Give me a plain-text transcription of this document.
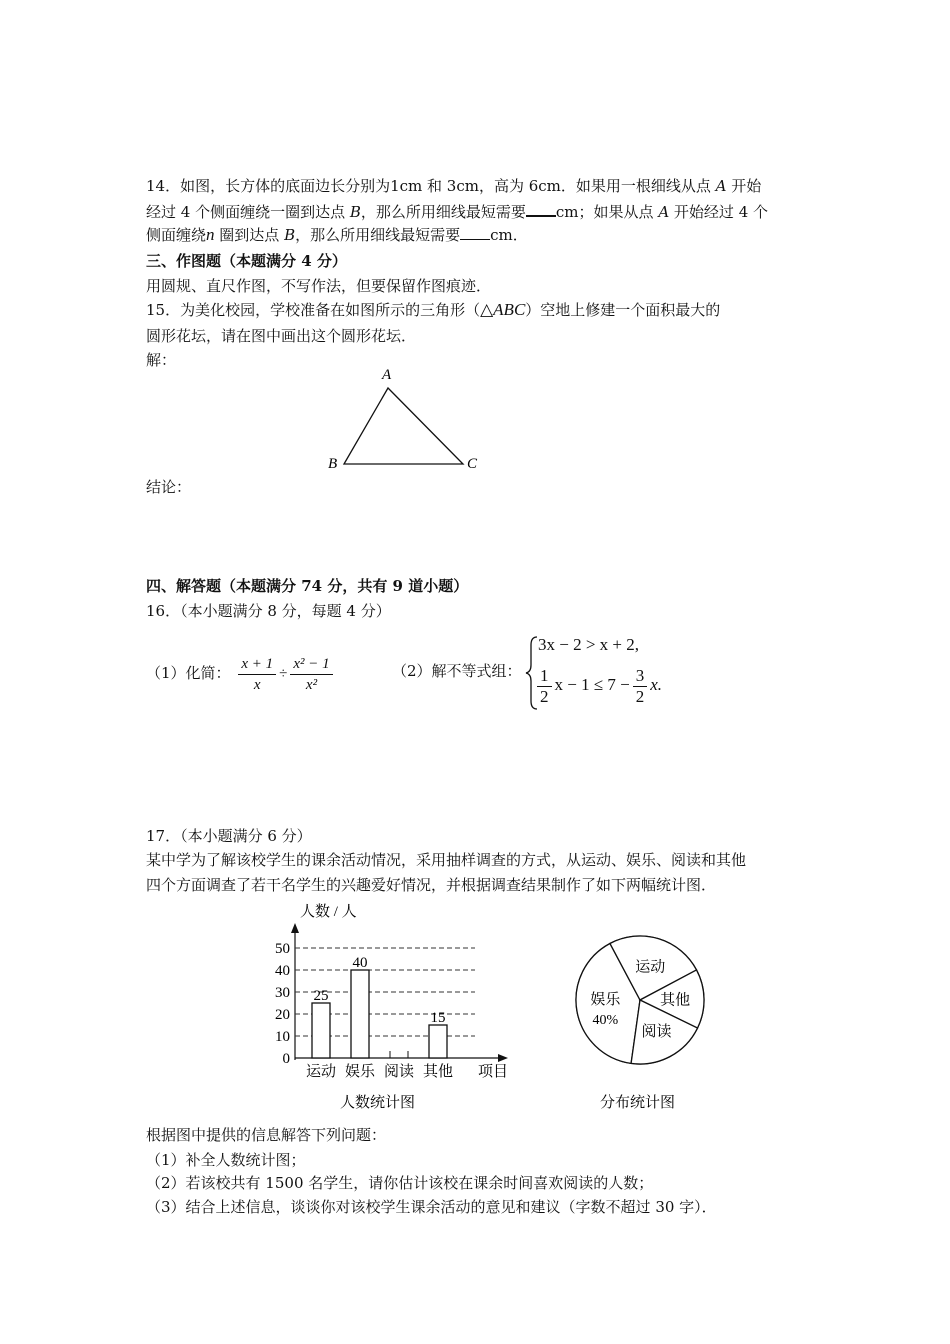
14．如图，长方体的底面边长分别为1cm 和 3cm，高为 6cm．如果用一根细线从点 A 开始
经过 4 个侧面缠绕一圈到达点 B，那么所用细线最短需要 cm；如果从点 A 开始经过 4 个
侧面缠绕n 圈到达点 B，那么所用细线最短需要 cm．
三、作图题（本题满分 4 分）
用圆规、直尺作图，不写作法，但要保留作图痕迹．
15．为美化校园，学校准备在如图所示的三角形（△ABC）空地上修建一个面积最大的
圆形花坛，请在图中画出这个圆形花坛．
解：
A
B	C
结论：
四、解答题（本题满分 74 分，共有 9 道小题）
16．（本小题满分 8 分，每题 4 分）
（1）化简： $\frac{x + 1}{x} \div \frac{\text{x² − 1}}{\text{x²}}$	（2）解不等式组：
3x − 2 > x + 2,
$\frac{1}{2}$ $x - 1 \le 7 - \frac{3}{2} x$.
17．（本小题满分 6 分）
某中学为了解该校学生的课余活动情况，采用抽样调查的方式，从运动、娱乐、阅读和其他
四个方面调查了若干名学生的兴趣爱好情况，并根据调查结果制作了如下两幅统计图．
人数 / 人
0
10
20
30
40
50
25
40
15
运动 娱乐 阅读 其他 项目
人数统计图
娱乐
40%
运动
其他
阅读
分布统计图
根据图中提供的信息解答下列问题：
（1）补全人数统计图；
（2）若该校共有 1500 名学生，请你估计该校在课余时间喜欢阅读的人数；
（3）结合上述信息，谈谈你对该校学生课余活动的意见和建议（字数不超过 30 字）．
